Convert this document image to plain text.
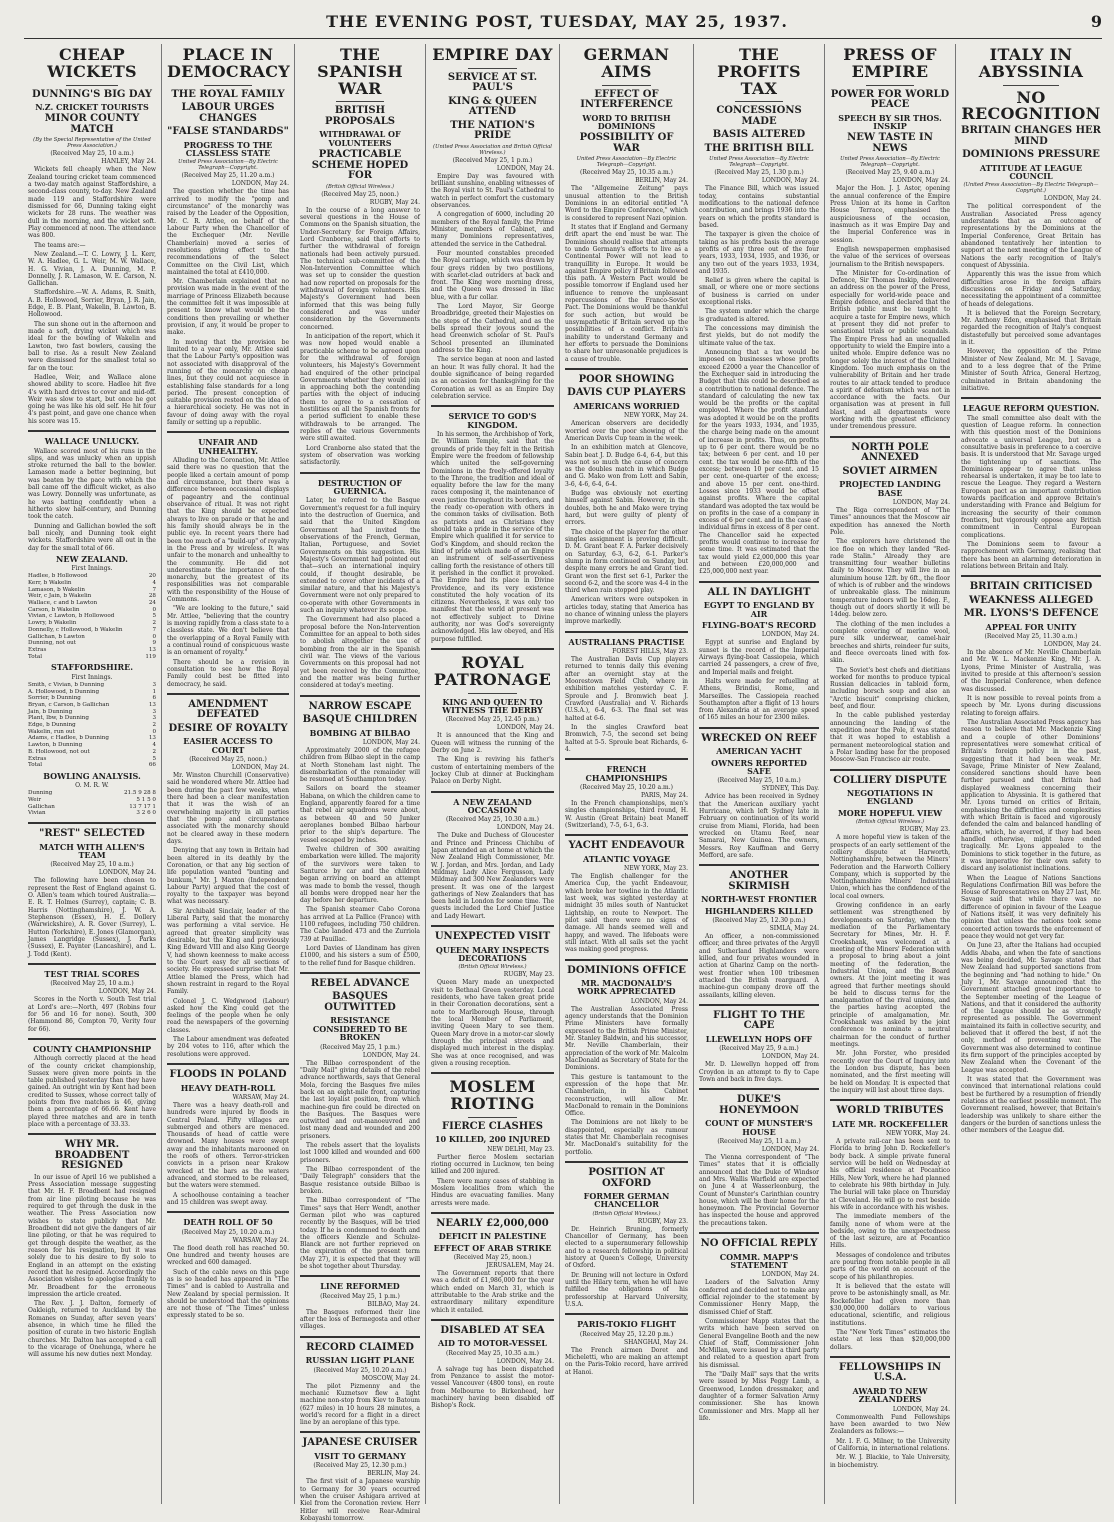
THE EVENING POST, TUESDAY, MAY 25, 1937.	9
CHEAP WICKETS
DUNNING'S BIG DAY
N.Z. CRICKET TOURISTS
MINOR COUNTY MATCH
(By the Special Representative of the United Press Association.)
(Received May 25, 10 a.m.)
HANLEY, May 24.

Wickets fell cheaply when the New Zealand touring cricket team commenced a two-day match against Staffordshire, a second-class county, to-day. New Zealand made 119 and Staffordshire were dismissed for 66, Dunning taking eight wickets for 28 runs. The weather was dull in the morning, and the wicket soft. Play commenced at noon. The attendance was 800.

The teams are:—

New Zealand.—T. C. Lowry, J. L. Kerr, W. A. Hadlee, G. L. Weir, M. W. Wallace, H. G. Vivian, J. A. Dunning, M. P. Donnelly, J. R. Lamason, W. E. Carson, N. Gallichan.

Staffordshire.—W. A. Adams, R. Smith, A. B. Hollowood, Sorrier, Bryan, J. R. Jain, Edge, E. B. Plant, Wakelin, B. Lawton, B. Hollowood.

The sun shone out in the afternoon and made a soft, drying wicket which was ideal for the bowling of Wakelin and Lawton, two fast bowlers, causing the ball to rise. As a result New Zealand were dismissed for the smallest total so far on the tour.

Hadlee, Weir, and Wallace alone showed ability to score. Hadlee hit five 4's with hard drives to cover and mid-off. Weir was slow to start, but once he got going he was like his old self. He hit four 4's past point, and gave one chance when his score was 15.

WALLACE UNLUCKY.

Wallace scored most of his runs in the slips, and was unlucky when an uppish stroke returned the ball to the bowler. Lamason made a better beginning, but was beaten by the pace with which the ball came off the difficult wicket, as also was Lowry. Donnelly was unfortunate, as he was batting confidently when a hitherto slow half-century, and Dunning took the catch.

Dunning and Gallichan bowled the soft ball nicely, and Dunning took eight wickets. Staffordshire were all out in the day for the small total of 66.

NEW ZEALAND.
First Innings.
Hadlee, b Hollowood	20
Kerr, b Wakelin	4
Lamason, b Wakelin	7
Weir, c Jain, b Wakelin	28
Wallace, c and b Lawton	24
Carson, b Wakelin	0
Vivian, c Lawton, b Hollowood	5
Lowry, b Wakelin	2
Donnelly, c Hollowood, b Wakelin	7
Gallichan, b Lawton	0
Dunning, not out	9
Extras	13
Total	119
STAFFORDSHIRE.
First Innings.
Smith, c Vivian, b Dunning	3
A. Hollowood, b Dunning	1
Sorrier, b Dunning	6
Bryan, c Carson, b Gallichan	13
Jain, b Dunning	3
Plant, lbw, b Dunning	3
Edge, b Dunning	2
Wakelin, run out	0
Adams, c Hadlee, b Dunning	13
Lawton, b Dunning	4
B. Hollowood, not out	2
Extras	5
Total	66
BOWLING ANALYSIS.
O. M. R. W.
Dunning	21.5 9 28 8
Weir	5 1 5 0
Gallichan	13 7 17 1
Vivian	3 2 6 0
"REST" SELECTED
MATCH WITH ALLEN'S TEAM
(Received May 25, 10 a.m.)
LONDON, May 24.

The following have been chosen to represent the Rest of England against G. O. Allen's team which toured Australia:—E. R. T. Holmes (Surrey), captain; C. B. Harris (Nottinghamshire), J. W. A. Stephenson (Essex), H. E. Dollery (Warwickshire), A. R. Gover (Surrey), L. Hutton (Yorkshire), E. Jones (Glamorgan), James Langridge (Sussex), J. Parks (Sussex), E. Paynter (Lancashire), and L. J. Todd (Kent).

TEST TRIAL SCORES
(Received May 25, 10 a.m.)
LONDON, May 24.

Scores in the North v. South Test trial at Lord's are:—North, 497 (Robins four for 56 and 16 for none). South, 300 (Hammond 86, Compton 70, Verity four for 66).

COUNTY CHAMPIONSHIP

Although correctly placed at the head of the county cricket championship, Sussex were given more points in the table published yesterday than they have gained. An outright win by Kent had been credited to Sussex, whose correct tally of points from five matches is 46, giving them a percentage of 66.66. Kent have played three matches and are in tenth place with a percentage of 33.33.

WHY MR. BROADBENT RESIGNED

In our issue of April 16 we published a Press Association message suggesting that Mr. H. F. Broadbent had resigned from air line piloting because he was required to get through the dusk in the weather. The Press Association now wishes to state publicly that Mr. Broadbent did not give the dangers of air line piloting, or that he was required to get through despite the weather, as the reason for his resignation, but it was solely due to his desire to fly solo to England in an attempt on the existing record that he resigned. Accordingly the Association wishes to apologise frankly to Mr. Broadbent for the erroneous impression the article created.

The Rev. J. J. Dalton, formerly of Oakleigh, returned to Auckland by the Romanes on Sunday, after seven years' absence, in which time he filled the position of curate in two historic English churches. Mr. Dalton has accepted a call to the vicarage of Onehunga, where he will assume his new duties next Monday.

PLACE IN DEMOCRACY
THE ROYAL FAMILY
LABOUR URGES CHANGES
"FALSE STANDARDS"
PROGRESS TO THE CLASSLESS STATE
United Press Association—By Electric Telegraph—Copyright.
(Received May 25, 11.20 a.m.)
LONDON, May 24.

The question whether the time has arrived to modify the "pomp and circumstance" of the monarchy was raised by the Leader of the Opposition, Mr. C. R. Attlee, on behalf of the Labour Party when the Chancellor of the Exchequer (Mr. Neville Chamberlain) moved a series of resolutions giving effect to the recommendations of the Select Committee on the Civil List, which maintained the total at £410,000.

Mr. Chamberlain explained that no provision was made in the event of the marriage of Princess Elizabeth because the committee felt it was impossible at present to know what would be the conditions then prevailing or whether provision, if any, it would be proper to make.

In moving that the provision be limited to a year only, Mr. Attlee said that the Labour Party's opposition was not associated with disapproval of the running of the monarchy on cheap lines, but they could not acquiesce in establishing false standards for a long period. The present conception of suitable provision rested on the idea of a hierarchical society. He was not in favour of doing away with the royal family or setting up a republic.

UNFAIR AND UNHEALTHY.

Alluding to the Coronation, Mr. Attlee said there was no question that the people liked a certain amount of pomp and circumstance, but there was a difference between occasional displays of pageantry and the continual observance of ritual. It was not right that the King should be expected always to live on parade or that he and his family should always be in the public eye. In recent years there had been too much of a "build-up" of royalty in the Press and by wireless. It was unfair to the monarch and unhealthy to the community. He did not underestimate the importance of the monarchy, but the greatest of its responsibilities was not comparable with the responsibility of the House of Commons.

"We are looking to the future," said Mr. Attlee, "believing that the country is moving rapidly from a class state to a classless state. We don't believe that the overlapping of a Royal Family with a continual round of conspicuous waste is an ornament of royalty."

There should be a revision in consultation to see how the Royal Family could best be fitted into democracy, he said.

AMENDMENT DEFEATED
DESIRE OF ROYALTY
EASIER ACCESS TO COURT
(Received May 25, noon.)
LONDON, May 24.

Mr. Winston Churchill (Conservative) said he wondered where Mr. Attlee had been during the past few weeks, when there had been a clear manifestation that it was the wish of an overwhelming majority in all parties that the pomp and circumstance associated with the monarchy should not be cleared away in these modern days.

Denying that any town in Britain had been altered in its deathly by the Coronation, or that any big section of life population wanted "bunting and bunkum," Mr. J. Maxton (Independent Labour Party) argued that the cost of royalty to the taxpayer was beyond what was necessary.

Sir Archibald Sinclair, leader of the Liberal Party, said that the monarchy was performing a vital service. He agreed that greater simplicity was desirable, but the King and previously King Edward VIII and also King George V, had shown keenness to make access to the Court easy for all sections of society. He expressed surprise that Mr. Attlee blamed the Press, which had shown restraint in regard to the Royal Family.

Colonel J. C. Wedgwood (Labour) asked how the King could get the feelings of the people when he only read the newspapers of the governing classes.

The Labour amendment was defeated by 204 votes to 116, after which the resolutions were approved.

FLOODS IN POLAND
HEAVY DEATH-ROLL
WARSAW, May 24.

There was a heavy death-roll and hundreds were injured by floods in Central Poland. Fifty villages are submerged and others are menaced. Thousands of head of cattle were drowned. Many houses were swept away and the inhabitants marooned on the roofs of others. Terror-stricken convicts in a prison near Krakow wrecked at the bars as the waters advanced, and stormed to be released, but the waters were stemmed.

A schoolhouse containing a teacher and 15 children was swept away.

DEATH ROLL OF 50
(Received May 25, 10.20 a.m.)
WARSAW, May 24.

The flood death roll has reached 50. One hundred and twenty houses are wrecked and 600 damaged.

Such of the cable news on this page as is so headed has appeared in "The Times" and is cabled to Australia and New Zealand by special permission. It should be understood that the opinions are not those of "The Times" unless expressly stated to be so.

THE SPANISH WAR
BRITISH PROPOSALS
WITHDRAWAL OF VOLUNTEERS
PRACTICABLE SCHEME HOPED FOR
(British Official Wireless.)
(Received May 25, noon.)
RUGBY, May 24.

In the course of a long answer to several questions in the House of Commons on the Spanish situation, the Under-Secretary for Foreign Affairs, Lord Cranborne, said that efforts to further the withdrawal of foreign nationals had been actively pursued. The technical sub-committee of the Non-Intervention Committee which was set up to consider the question had now reported on proposals for the withdrawal of foreign volunteers. His Majesty's Government had been informed that this was being fully considered and was under consideration by the Governments concerned.

In anticipation of the report, which it was now hoped would enable a practicable scheme to be agreed upon for the withdrawal of foreign volunteers, his Majesty's Government had enquired of the other principal Governments whether they would join in approaching both the contending parties with the object of inducing them to agree to a cessation of hostilities on all the Spanish fronts for a period sufficient to enable these withdrawals to be arranged. The replies of the various Governments were still awaited.

Lord Cranborne also stated that the system of observation was working satisfactorily.

DESTRUCTION OF GUERNICA.

Later, he referred to the Basque Government's request for a full inquiry into the destruction of Guernica, and said that the United Kingdom Government had invited the observations of the French, German, Italian, Portuguese, and Soviet Governments on this suggestion. His Majesty's Government had pointed out that—such an international inquiry could, if thought desirable, be extended to cover other incidents of a similar nature, and that his Majesty's Government were not only prepared to co-operate with other Governments in such an inquiry whatever its scope.

The Government had also placed a proposal before the Non-Intervention Committee for an appeal to both sides to abolish altogether the use of bombing from the air in the Spanish civil war. The views of the various Governments on this proposal had not yet been received by the Committee, and the matter was being further considered at today's meeting.

NARROW ESCAPE
BASQUE CHILDREN
BOMBING AT BILBAO
LONDON, May 24.

Approximately 2000 of the refugee children from Bilbao slept in the camp at North Stoneham last night. The disembarkation of the remainder will be resumed at Southampton today.

Sailors on board the steamer Habana, on which the children came to England, apparently feared for a time that rebel air squadrons were about, as between 40 and 50 Junker aeroplanes bombed Bilbao harbour prior to the ship's departure. The vessel escaped by inches.

Twelve children of 300 awaiting embarkation were killed. The majority of the survivors were taken to Santurce by car and the children began arriving on board an attempt was made to bomb the vessel, though all bombs were dropped near her the day before her departure.

The Spanish steamer Cabo Corona has arrived at La Pallice (France) with 1100 refugees, including 750 children. The Cabo landed 473 and the Zurriola 739 at Pauillac.

Lord Davies of Llandinam has given £1000, and his sisters a sum of £500, to the relief fund for Basque children.

REBEL ADVANCE
BASQUES OUTWITTED
RESISTANCE CONSIDERED TO BE BROKEN
(Received May 25, 1 p.m.)
LONDON, May 24.

The Bilbao correspondent of the "Daily Mail" giving details of the rebel advance northwards, says that General Mola, forcing the Basques five miles back on an eight-mile front, capturing the last loyalist position, from which machine-gun fire could be directed on the Basques. The Basques were outwitted and out-manoeuvred and lost many dead and wounded and 200 prisoners.

The rebels assert that the loyalists lost 1000 killed and wounded and 600 prisoners.

The Bilbao correspondent of the "Daily Telegraph" considers that the Basque resistance outside Bilbao is broken.

The Bilbao correspondent of "The Times" says that Herr Wendt, another German pilot who was captured recently by the Basques, will be tried today. If he is condemned to death and the officers Kienzle and Schulze-Blanck are not further reprieved on the expiration of the present term (May 27), it is expected that they will be shot together about Thursday.

LINE REFORMED
(Received May 25, 1 p.m.)
BILBAO, May 24.

The Basques reformed their line after the loss of Bermegosta and other villages.

RECORD CLAIMED
RUSSIAN LIGHT PLANE
(Received May 25, 10.20 a.m.)
MOSCOW, May 24.

The pilot Pizmenny and the mechanic Kuznetsov flew a light machine non-stop from Kiev to Batoum (627 miles) in 10 hours 28 minutes, a world's record for a flight in a direct line by an aeroplane of this type.

JAPANESE CRUISER
VISIT TO GERMANY
(Received May 25, 12.30 p.m.)
BERLIN, May 24.

The first visit of a Japanese warship to Germany for 30 years occurred when the cruiser Ashigara arrived at Kiel from the Coronation review. Herr Hitler will receive Rear-Admiral Kobayashi tomorrow.

EMPIRE DAY
SERVICE AT ST. PAUL'S
KING & QUEEN ATTEND
THE NATION'S PRIDE
(United Press Association and British Official Wireless.)
(Received May 25, 1 p.m.)
LONDON, May 24.

Empire Day was favoured with brilliant sunshine, enabling witnesses of the Royal visit to St. Paul's Cathedral to watch in perfect comfort the customary observances.

A congregation of 6000, including 20 members of the Royal family, the Prime Minister, members of Cabinet, and many Dominions representatives, attended the service in the Cathedral.

Four mounted constables preceded the Royal carriage, which was drawn by four greys ridden by two postilions, with scarlet-clad outriders at back and front. The King wore morning dress, and the Queen was dressed in lilac blue, with a fur collar.

The Lord Mayor, Sir George Broadbridge, greeted their Majesties on the steps of the Cathedral, and as the bells spread their joyous sound the head Greenwich scholar of St. Paul's School presented an illuminated address to the King.

The service began at noon and lasted an hour. It was fully choral. It had the double significance of being regarded as an occasion for thanksgiving for the Coronation as well as an Empire Day celebration service.

SERVICE TO GOD'S KINGDOM.

In his sermon, the Archbishop of York, Dr. William Temple, said that the grounds of pride they felt in the British Empire were the freedom of fellowship which united the self-governing Dominions in the freely-offered loyalty to the Throne, the tradition and ideal of equality before the law for the many races composing it, the maintenance of even justice throughout its borders, and the ready co-operation with others in the common tasks of civilisation. Both as patriots and as Christians they should take a pride in the service of the Empire which qualified it for service to God's Kingdom, and should reckon the kind of pride which made of an Empire an instrument of self-assertiveness calling forth the resistance of others till it perished in the conflict it provoked. The Empire had its place in Divine Providence, and its very existence constituted the holy vocation of its citizens. Nevertheless, it was only too manifest that the world at present was not effectively subject to Divine authority, nor was God's sovereignty acknowledged. His law obeyed, and His purpose fulfilled.

ROYAL PATRONAGE
KING AND QUEEN TO WITNESS THE DERBY
(Received May 25, 12.45 p.m.)
LONDON, May 24.

It is announced that the King and Queen will witness the running of the Derby on June 2.

The King is reviving his father's custom of entertaining members of the Jockey Club at dinner at Buckingham Palace on Derby Night.

A NEW ZEALAND OCCASION
(Received May 25, 10.30 a.m.)
LONDON, May 24.

The Duke and Duchess of Gloucester and Prince and Princess Chichibu of Japan attended an at home at which the New Zealand High Commissioner, Mr. W. J. Jordan, and Mrs. Jordan, and Lady Mildmay, Lady Alice Fergusson, Lady Mildmay and 300 New Zealanders were present. It was one of the largest gatherings of New Zealanders that has been held in London for some time. The guests included the Lord Chief Justice and Lady Hewart.

UNEXPECTED VISIT
QUEEN MARY INSPECTS DECORATIONS
(British Official Wireless.)
RUGBY, May 23.

Queen Mary made an unexpected visit to Bethnal Green yesterday. Local residents, who have taken great pride in their Coronation decorations, sent a note to Marlborough House, through the local Member of Parliament, inviting Queen Mary to see them. Queen Mary drove in a motor-car slowly through the principal streets and displayed much interest in the display. She was at once recognised, and was given a rousing reception.

MOSLEM RIOTING
FIERCE CLASHES
10 KILLED, 200 INJURED
NEW DELHI, May 23.

Further fierce Moslem sectarian rioting occurred in Lucknow, ten being killed and 200 injured.

There were many cases of stabbing in Moslem localities from which the Hindus are evacuating families. Many arrests were made.

NEARLY £2,000,000
DEFICIT IN PALESTINE
EFFECT OF ARAB STRIKE
(Received May 25, noon.)
JERUSALEM, May 24.

The Government reports that there was a deficit of £1,986,000 for the year which ended on March 31, which is attributable to the Arab strike and the extraordinary military expenditure which it entailed.

DISABLED AT SEA
AID TO MOTOR-VESSEL
(Received May 25, 10.35 a.m.)
LONDON, May 24.

A salvage tug has been dispatched from Penzance to assist the motor-vessel Vancouver (4800 tons), en route from Melbourne to Birkenhead, her machinery having been disabled off Bishop's Rock.

GERMAN AIMS
EFFECT OF INTERFERENCE
WORD TO BRITISH DOMINIONS
POSSIBILITY OF WAR
United Press Association—By Electric Telegraph—Copyright.
(Received May 25, 10.35 a.m.)
BERLIN, May 24.

The "Allgemeine Zeitung" pays unusual attention to the British Dominions in an editorial entitled "A Word to the Empire Conference," which is considered to represent Nazi opinion.

It states that if England and Germany drift apart the end must be war. The Dominions should realise that attempts to undo Germany's efforts to live as a Continental Power will not lead to tranquillity in Europe. It would be against Empire policy if Britain followed this path. A Western Pact would be possible tomorrow if England used her influence to remove the unpleasant repercussions of the Franco-Soviet Pact. The Dominions would be thankful for such action, but would be unsympathetic if Britain served up the possibilities of a conflict. Britain's inability to understand Germany and her efforts to persuade the Dominions to share her unreasonable prejudices is a cause of trouble.

POOR SHOWING
DAVIS CUP PLAYERS
AMERICANS WORRIED
NEW YORK, May 24.

American observers are decidedly worried over the poor showing of the American Davis Cup team in the week.

In an exhibition match at Glencove, Sabin beat J. D. Budge 6-4, 6-4, but this was not so much the cause of concern as the doubles match in which Budge and G. Mako won from Lott and Sabin, 3-6, 4-6, 6-4, 6-4.

Budge was obviously not exerting himself against Sabin. However, in the doubles, both he and Mako were trying hard, but were guilty of plenty of errors.

The choice of the player for the other singles assignment is proving difficult. D. M. Grant beat F. A. Parker decisively on Saturday, 6-3, 6-2, 6-1. Parker's slump in form continued on Sunday, but despite many errors he and Grant tied. Grant won the first set 6-1, Parker the second 6-2, and the score was 4-4 in the third when rain stopped play.

American writers were outspoken in articles today, stating that America has no chance of winning unless the players improve markedly.

AUSTRALIANS PRACTISE
FOREST HILLS, May 23.

The Australian Davis Cup players returned to tennis daily this evening after an overnight stay at the Moorestown Field Club, where in exhibition matches yesterday C. F. Sproule and J. Bromwich beat J. Crawford (Australia) and V. Richards (U.S.A.), 6-4, 6-3. The final set was halted at 6-6.

In the singles Crawford beat Bromwich, 7-5, the second set being halted at 5-5. Sproule beat Richards, 6-4.

FRENCH CHAMPIONSHIPS
(Received May 25, 10.20 a.m.)
PARIS, May 24.

In the French championships, men's singles championships, third round, H. W. Austin (Great Britain) beat Maneff (Switzerland), 7-5, 6-1, 6-3.

YACHT ENDEAVOUR
ATLANTIC VOYAGE
NEW YORK, May 23.

The English challenger for the America Cup, the yacht Endeavour, which broke her towline in the Atlantic last week, was sighted yesterday at midnight 35 miles south of Nantucket Lightship, en route to Newport. The pilot said there were no signs of damage. All hands seemed well and happy, and waved. The lifeboats were still intact. With all sails set the yacht was making good progress.

DOMINIONS OFFICE
MR. MACDONALD'S WORK APPRECIATED
LONDON, May 24.

The Australian Associated Press agency understands that the Dominion Prime Ministers have formally expressed to the British Prime Minister, Mr. Stanley Baldwin, and his successor, Mr. Neville Chamberlain, their appreciation of the work of Mr. Malcolm MacDonald as Secretary of State for the Dominions.

This gesture is tantamount to the expression of the hope that Mr. Chamberlain, in his Cabinet reconstruction, will allow Mr. MacDonald to remain in the Dominions Office.

The Dominions are not likely to be disappointed, especially as rumour states that Mr. Chamberlain recognises Mr. MacDonald's suitability for the portfolio.

POSITION AT OXFORD
FORMER GERMAN CHANCELLOR
(British Official Wireless.)
RUGBY, May 23.

Dr. Heinrich Bruning, formerly Chancellor of Germany, has been elected to a supernumerary fellowship and to a research fellowship in political history at Queen's College, University of Oxford.

Dr. Bruning will not lecture in Oxford until the Hilary term, when he will have fulfilled the obligations of his professorship at Harvard University, U.S.A.

PARIS-TOKIO FLIGHT
(Received May 25, 12.20 p.m.)
SHANGHAI, May 24.

The French airmen Doret and Micheletti, who are making an attempt on the Paris-Tokio record, have arrived at Hanoi.

THE PROFITS TAX
CONCESSIONS MADE
BASIS ALTERED
THE BRITISH BILL
United Press Association—By Electric Telegraph—Copyright.
(Received May 25, 1.30 p.m.)
LONDON, May 24.

The Finance Bill, which was issued today, contains substantial modifications to the national defence contribution, and brings 1936 into the years on which the profits standard is based.

The taxpayer is given the choice of taking as his profits basis the average profits of any three out of the four years, 1933, 1934, 1935, and 1936, or any two out of the years 1933, 1934, and 1935.

Relief is given where the capital is small, or where one or more sections of business is carried on under exceptional risks.

The system under which the charge is graduated is altered.

The concessions may diminish the first yields, but do not modify the ultimate value of the tax.

Announcing that a tax would be imposed on businesses whose profits exceed £2000 a year the Chancellor of the Exchequer said in introducing the Budget that this could be described as a contribution to national defence. The standard of calculating the new tax would be the profits or the capital employed. Where the profit standard was adopted it would be on the profits for the years 1933, 1934, and 1935, the charge being made on the amount of increase in profits. Thus, on profits up to 6 per cent. there would be no tax; between 6 per cent. and 10 per cent. the tax would be one-fifth of the excess; between 10 per cent. and 15 per cent. one-quarter of the excess; and above 15 per cent. one-third. Losses since 1933 would be offset against profits. Where the capital standard was adopted the tax would be on profits in the case of a company in excess of 6 per cent. and in the case of individual firms in excess of 8 per cent. The Chancellor said he expected profits would continue to increase for some time. It was estimated that the tax would yield £2,000,000 this year and between £20,000,000 and £25,000,000 next year.

ALL IN DAYLIGHT
EGYPT TO ENGLAND BY AIR
FLYING-BOAT'S RECORD
LONDON, May 24.

Egypt at sunrise and England by sunset is the record of the Imperial Airways flying-boat Cassiopeia, which carried 24 passengers, a crew of five, and Imperial mails and freight.

Halts were made for refuelling at Athens, Brindisi, Rome, and Marseilles. The Cassiopeia reached Southampton after a flight of 13 hours from Alexandria at an average speed of 165 miles an hour for 2300 miles.

WRECKED ON REEF
AMERICAN YACHT
OWNERS REPORTED SAFE
(Received May 25, 10 a.m.)
SYDNEY, This Day.

Advice has been received in Sydney that the American auxiliary yacht Hurricane, which left Sydney late in February on continuation of its world cruise from Miami, Florida, had been wrecked on Utamu Reef, near Samarai, New Guinea. The owners, Messrs. Roy Kauffman and Gerry Mefford, are safe.

ANOTHER SKIRMISH
NORTH-WEST FRONTIER
HIGHLANDERS KILLED
(Received May 25, 12.30 p.m.)
SIMLA, May 24.

An officer, a non-commissioned officer, and three privates of the Argyll and Sutherland Highlanders were killed, and four privates wounded in action at Gharinz Camp on the north-west frontier when 100 tribesmen attacked the British rearguard. A machine-gun company drove off the assailants, killing eleven.

FLIGHT TO THE CAPE
LLEWELLYN HOPS OFF
(Received May 25, 9 a.m.)
LONDON, May 24.

Mr. D. Llewellyn hopped off from Croydon in an attempt to fly to Cape Town and back in five days.

DUKE'S HONEYMOON
COUNT OF MUNSTER'S HOUSE
(Received May 25, 11 a.m.)
LONDON, May 24.

The Vienna correspondent of "The Times" states that it is officially announced that the Duke of Windsor and Mrs. Wallis Warfield are expected on June 4 at Wasserleonburg, the Count of Munster's Carinthian country house, which will be their home for the honeymoon. The Provincial Governor has inspected the house and approved the precautions taken.

NO OFFICIAL REPLY
COMMR. MAPP'S STATEMENT
LONDON, May 24.

Leaders of the Salvation Army conferred and decided not to make any official rejoinder to the statement by Commissioner Henry Mapp, the dismissed Chief of Staff.

Commissioner Mapp states that the writs which have been served on General Evangeline Booth and the new Chief of Staff, Commissioner John McMillan, were issued by a third party and related to a question apart from his dismissal.

The "Daily Mail" says that the writs were issued by Miss Peggy Lamb, a Greenwood, London dressmaker, and daughter of a former Salvation Army commissioner. She has known Commissioner and Mrs. Mapp all her life.

PRESS OF EMPIRE
POWER FOR WORLD PEACE
SPEECH BY SIR THOS. INSKIP
NEW TASTE IN NEWS
United Press Association—By Electric Telegraph—Copyright.
(Received May 25, 9.40 a.m.)
LONDON, May 24.

Major the Hon. J. J. Astor, opening the annual conference of the Empire Press Union at its home in Carlton House Terrace, emphasised the auspiciousness of the occasion, inasmuch as it was Empire Day and the Imperial Conference was in session.

English newspapermen emphasised the value of the services of overseas journalism to the British newspapers.

The Minister for Co-ordination of Defence, Sir Thomas Inskip, delivered an address on the power of the Press, especially for world-wide peace and Empire defence, and declared that the British public must be taught to acquire a taste for Empire news, which at present they did not prefer to sensational trials or public scandals. The Empire Press had an unequalled opportunity to wield the Empire into a united whole. Empire defence was no longer solely the interest of the United Kingdom. Too much emphasis on the vulnerability of Britain and her trade routes to air attack tended to produce a spirit of defeatism which was not in accordance with the facts. Our organisation was at present in full blast, and all departments were working with the greatest efficiency under tremendous pressure.

NORTH POLE ANNEXED
SOVIET AIRMEN
PROJECTED LANDING BASE
LONDON, May 24.

The Riga correspondent of "The Times" announces that the Moscow air expedition has annexed the North Pole.

The explorers have christened the ice floe on which they landed "Red-rade Stalin." Already they are transmitting four weather bulletins daily to Moscow. They will live in an aluminium house 12ft. by 6ft., the floor of which is of rubber and the windows of unbreakable glass. The minimum temperature indoors will be 16deg. F., though out of doors shortly it will be 14deg. below zero.

The clothing of the men includes a complete covering of merino wool, pure silk underwear, camel-hair breeches and shirts, reindeer fur suits, and fleece overcoats lined with fox-skin.

The Soviet's best chefs and dietitians worked for months to produce typical Russian delicacies in tabloid form, including borsch soup and also an "Arctic biscuit" comprising chicken, beef, and flour.

In the cable published yesterday announcing the landing of the expedition near the Pole, it was stated that it was hoped to establish a permanent meteorological station and a Polar landing base for the proposed Moscow-San Francisco air route.

COLLIERY DISPUTE
NEGOTIATIONS IN ENGLAND
MORE HOPEFUL VIEW
(British Official Wireless.)
RUGBY, May 23.

A more hopeful view is taken of the prospects of an early settlement of the colliery dispute at Harworth, Nottinghamshire, between the Miners' Federation and the Harworth Colliery Company, which is supported by the Nottinghamshire Miners' Industrial Union, which has the confidence of the local coal owners.

Growing confidence in an early settlement was strengthened by developments on Saturday, when the mediation of the Parliamentary Secretary for Mines, Mr. H. F. Crookshank, was welcomed at a meeting of the Miners' Federation with a proposal to bring about a joint meeting of the federation, the Industrial Union, and the Board owners. At the joint meeting it was agreed that further meetings should be held to discuss terms for the amalgamation of the rival unions, and the parties having accepted the principle of amalgamation, Mr. Crookshank was asked by the joint conference to nominate a neutral chairman for the conduct of further meetings.

Mr. John Forster, who presided recently over the Court of Inquiry into the London bus dispute, has been nominated, and the first meeting will be held on Monday. It is expected that the inquiry will last about three days.

WORLD TRIBUTES
LATE MR. ROCKEFELLER
NEW YORK, May 24.

A private rail-car has been sent to Florida to bring John D. Rockefeller's body back. A simple private funeral service will be held on Wednesday at his official residence at Pocantico Hills, New York, where he had planned to celebrate his 98th birthday in July. The burial will take place on Thursday at Cleveland. He will go to rest beside his wife in accordance with his wishes.

The immediate members of the family, none of whom were at the bedside, owing to the unexpectedness of the last seizure, are at Pocantico Hills.

Messages of condolence and tributes are pouring from notable people in all parts of the world on account of the scope of his philanthropies.

It is believed that the estate will prove to be astonishingly small, as Mr. Rockefeller had given more than $30,000,000 dollars to various educational, scientific, and religious institutions.

The "New York Times" estimates the estate at less than $20,000,000 dollars.

FELLOWSHIPS IN U.S.A.
AWARD TO NEW ZEALANDERS
LONDON, May 24.

Commonwealth Fund Fellowships have been awarded to two New Zealanders as follows:—

Mr. I. F. G. Milner, to the University of California, in international relations.

Mr. W. J. Blackie, to Yale University, in biochemistry.

ITALY IN ABYSSINIA
NO RECOGNITION
BRITAIN CHANGES HER MIND
DOMINIONS PRESSURE
ATTITUDE AT LEAGUE COUNCIL
(United Press Association—By Electric Telegraph—Copyright.)
LONDON, May 24.

The political correspondent of the Australian Associated Press agency understands that as an outcome of representations by the Dominions at the Imperial Conference, Great Britain has abandoned tentatively her intention to support at the next meeting of the League of Nations the early recognition of Italy's conquest of Abyssinia.

Apparently this was the issue from which difficulties arose in the foreign affairs discussions on Friday and Saturday, necessitating the appointment of a committee of heads of delegations.

It is believed that the Foreign Secretary, Mr. Anthony Eden, emphasised that Britain regarded the recognition of Italy's conquest distastefully but perceived some advantages in it.

However, the opposition of the Prime Minister of New Zealand, Mr. M. J. Savage, and to a less degree that of the Prime Minister of South Africa, General Hertzog, culminated in Britain abandoning the initiative.

LEAGUE REFORM QUESTION.

The small committee also dealt with the question of League reform. In connection with this question most of the Dominions advocate a universal League, but as a consultative basis in preference to a coercive basis. It is understood that Mr. Savage urged the tightening up of sanctions. The Dominions appear to agree that unless rehearsal is undertaken, it may be too late to rescue the League. They regard a Western European pact as an important contribution towards pacification and approve Britain's understanding with France and Belgium for increasing the security of their common frontiers, but vigorously oppose any British commitment in Central European complications.

The Dominions seem to favour a rapprochement with Germany, realising that there has been an alarming deterioration in relations between Britain and Italy.

BRITAIN CRITICISED
WEAKNESS ALLEGED
MR. LYONS'S DEFENCE
APPEAL FOR UNITY
(Received May 25, 11.30 a.m.)
LONDON, May 24.

In the absence of Mr. Neville Chamberlain and Mr. W. L. Mackenzie King, Mr. J. A. Lyons, Prime Minister of Australia, was invited to preside at this afternoon's session of the Imperial Conference, when defence was discussed.

It is now possible to reveal points from a speech by Mr. Lyons during discussions relating to foreign affairs.

The Australian Associated Press agency has reason to believe that Mr. Mackenzie King and a couple of other Dominions' representatives were somewhat critical of Britain's foreign policy in the past, suggesting that it had been weak. Mr. Savage, Prime Minister of New Zealand, considered sanctions should have been further pursued and that Britain had displayed weakness concerning their application to Abyssinia. It is gathered that Mr. Lyons turned on critics of Britain, emphasising the difficulties and complexities with which Britain is faced and vigorously defended the calm and balanced handling of affairs, which, he averred, if they had been handled otherwise, might have ended tragically. Mr. Lyons appealed to the Dominions to stick together in the future, as it was imperative for their own safety to discard any isolationist inclinations.

When the League of Nations Sanctions Regulations Confirmation Bill was before the House of Representatives on May 27 last, Mr. Savage said that while there was no difference of opinion in favour of the League of Nations itself, it was very definitely his opinion that unless the nations took some concerted action towards the enforcement of peace they would not get very far.

On June 23, after the Italians had occupied Addis Ababa, and when the fate of sanctions was being decided, Mr. Savage stated that New Zealand had supported sanctions from the beginning and "had nothing to hide." On July 1, Mr. Savage announced that the Government attached great importance to the September meeting of the League of Nations, and that it considered the authority of the League should be as strongly represented as possible. The Government maintained its faith in collective security, and believed that it offered the best, if not the only, method of preventing war. The Government was also determined to continue its firm support of the principles accepted by New Zealand when the Covenant of the League was accepted.

It was stated that the Government was convinced that international relations could best be furthered by a resumption of friendly relations at the earliest possible moment. The Government realised, however, that Britain's leadership was unlikely to share either the dangers or the burden of sanctions unless the other members of the League did.
